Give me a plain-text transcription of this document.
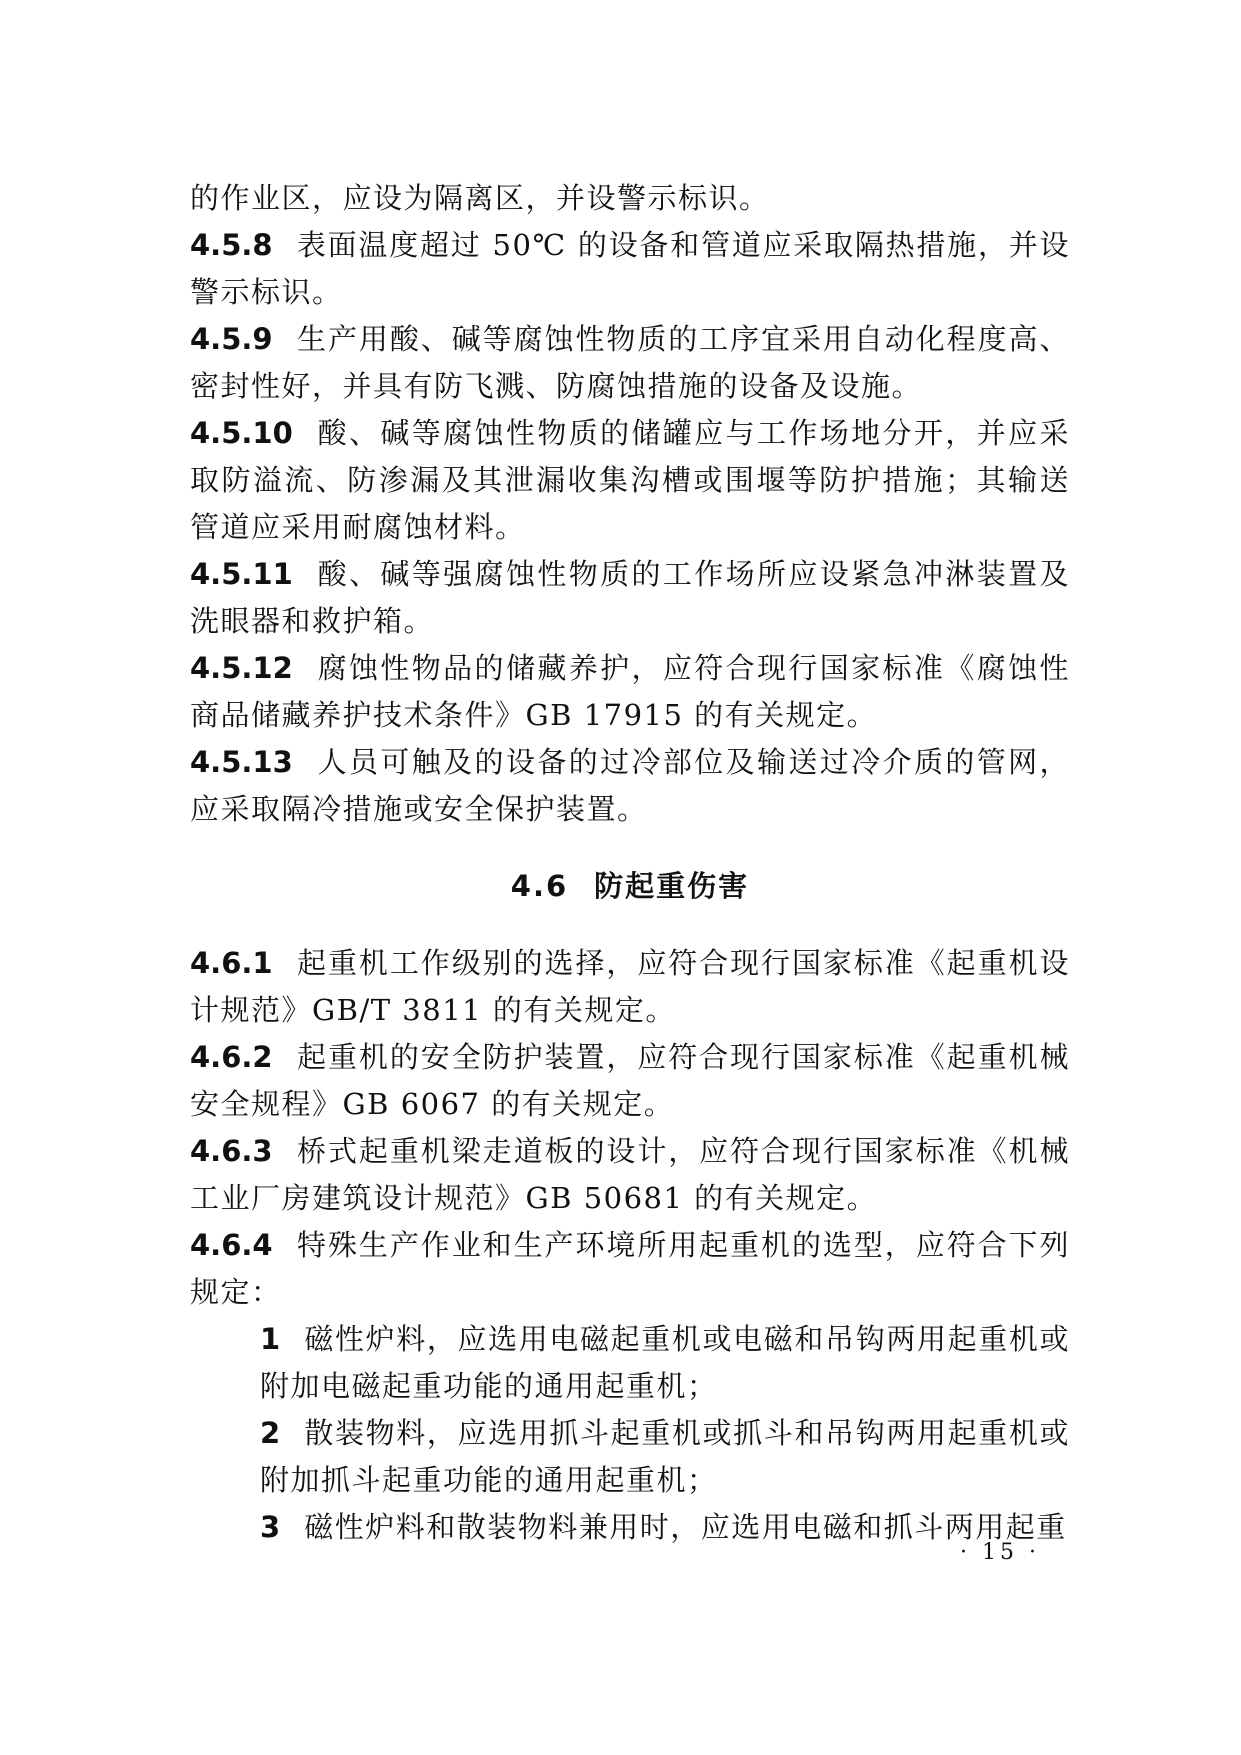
的作业区，应设为隔离区，并设警示标识。

4.5.8 表面温度超过 50℃ 的设备和管道应采取隔热措施，并设警示标识。

4.5.9 生产用酸、碱等腐蚀性物质的工序宜采用自动化程度高、密封性好，并具有防飞溅、防腐蚀措施的设备及设施。

4.5.10 酸、碱等腐蚀性物质的储罐应与工作场地分开，并应采取防溢流、防渗漏及其泄漏收集沟槽或围堰等防护措施；其输送管道应采用耐腐蚀材料。

4.5.11 酸、碱等强腐蚀性物质的工作场所应设紧急冲淋装置及洗眼器和救护箱。

4.5.12 腐蚀性物品的储藏养护，应符合现行国家标准《腐蚀性商品储藏养护技术条件》GB 17915 的有关规定。

4.5.13 人员可触及的设备的过冷部位及输送过冷介质的管网，应采取隔冷措施或安全保护装置。

4.6 防起重伤害

4.6.1 起重机工作级别的选择，应符合现行国家标准《起重机设计规范》GB/T 3811 的有关规定。

4.6.2 起重机的安全防护装置，应符合现行国家标准《起重机械安全规程》GB 6067 的有关规定。

4.6.3 桥式起重机梁走道板的设计，应符合现行国家标准《机械工业厂房建筑设计规范》GB 50681 的有关规定。

4.6.4 特殊生产作业和生产环境所用起重机的选型，应符合下列规定：

1 磁性炉料，应选用电磁起重机或电磁和吊钩两用起重机或附加电磁起重功能的通用起重机；

2 散装物料，应选用抓斗起重机或抓斗和吊钩两用起重机或附加抓斗起重功能的通用起重机；

3 磁性炉料和散装物料兼用时，应选用电磁和抓斗两用起重

· 15 ·
